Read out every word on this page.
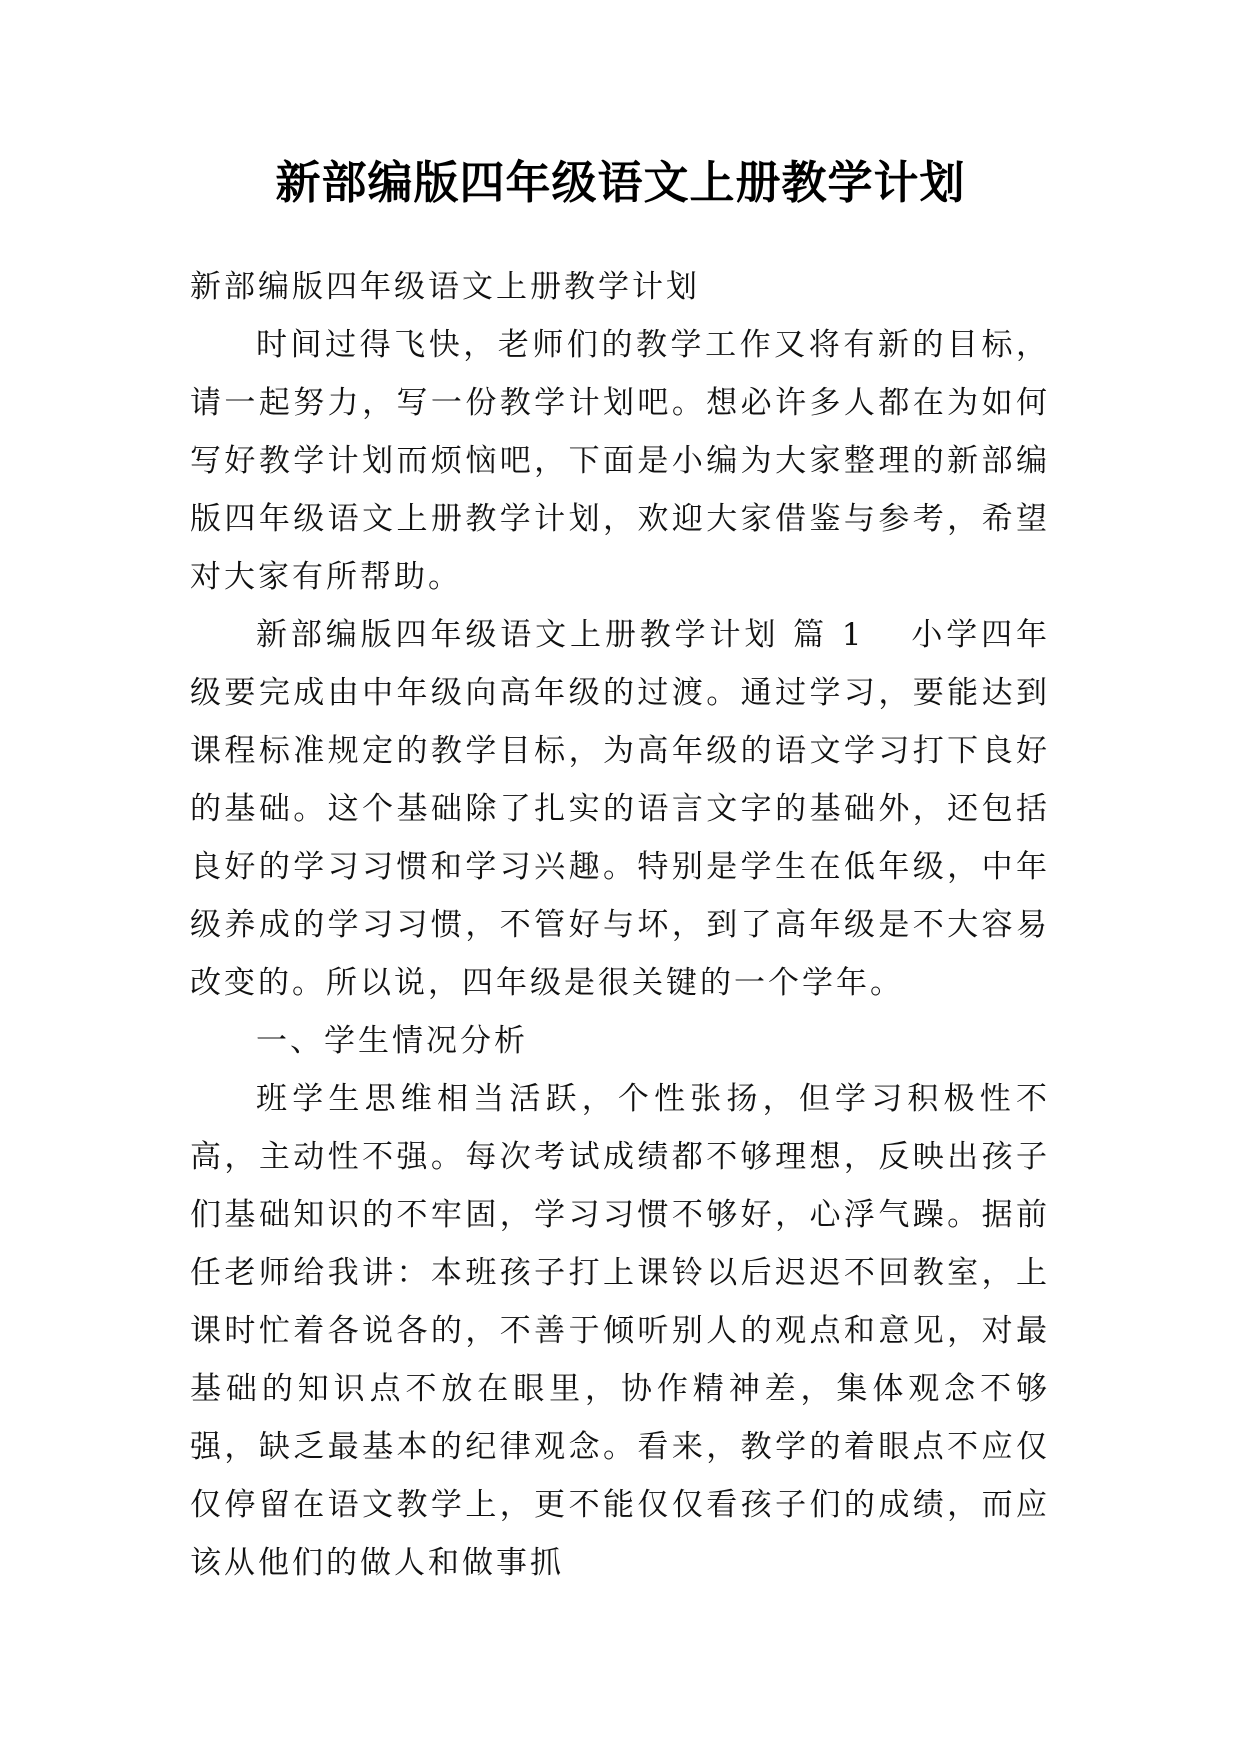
新部编版四年级语文上册教学计划

新部编版四年级语文上册教学计划

时间过得飞快，老师们的教学工作又将有新的目标，请一起努力，写一份教学计划吧。想必许多人都在为如何写好教学计划而烦恼吧，下面是小编为大家整理的新部编版四年级语文上册教学计划，欢迎大家借鉴与参考，希望对大家有所帮助。

新部编版四年级语文上册教学计划 篇 1 小学四年级要完成由中年级向高年级的过渡。通过学习，要能达到课程标准规定的教学目标，为高年级的语文学习打下良好的基础。这个基础除了扎实的语言文字的基础外，还包括良好的学习习惯和学习兴趣。特别是学生在低年级，中年级养成的学习习惯，不管好与坏，到了高年级是不大容易改变的。所以说，四年级是很关键的一个学年。

一、学生情况分析

班学生思维相当活跃，个性张扬，但学习积极性不高，主动性不强。每次考试成绩都不够理想，反映出孩子们基础知识的不牢固，学习习惯不够好，心浮气躁。据前任老师给我讲：本班孩子打上课铃以后迟迟不回教室，上课时忙着各说各的，不善于倾听别人的观点和意见，对最基础的知识点不放在眼里，协作精神差，集体观念不够强，缺乏最基本的纪律观念。看来，教学的着眼点不应仅仅停留在语文教学上，更不能仅仅看孩子们的成绩，而应该从他们的做人和做事抓
